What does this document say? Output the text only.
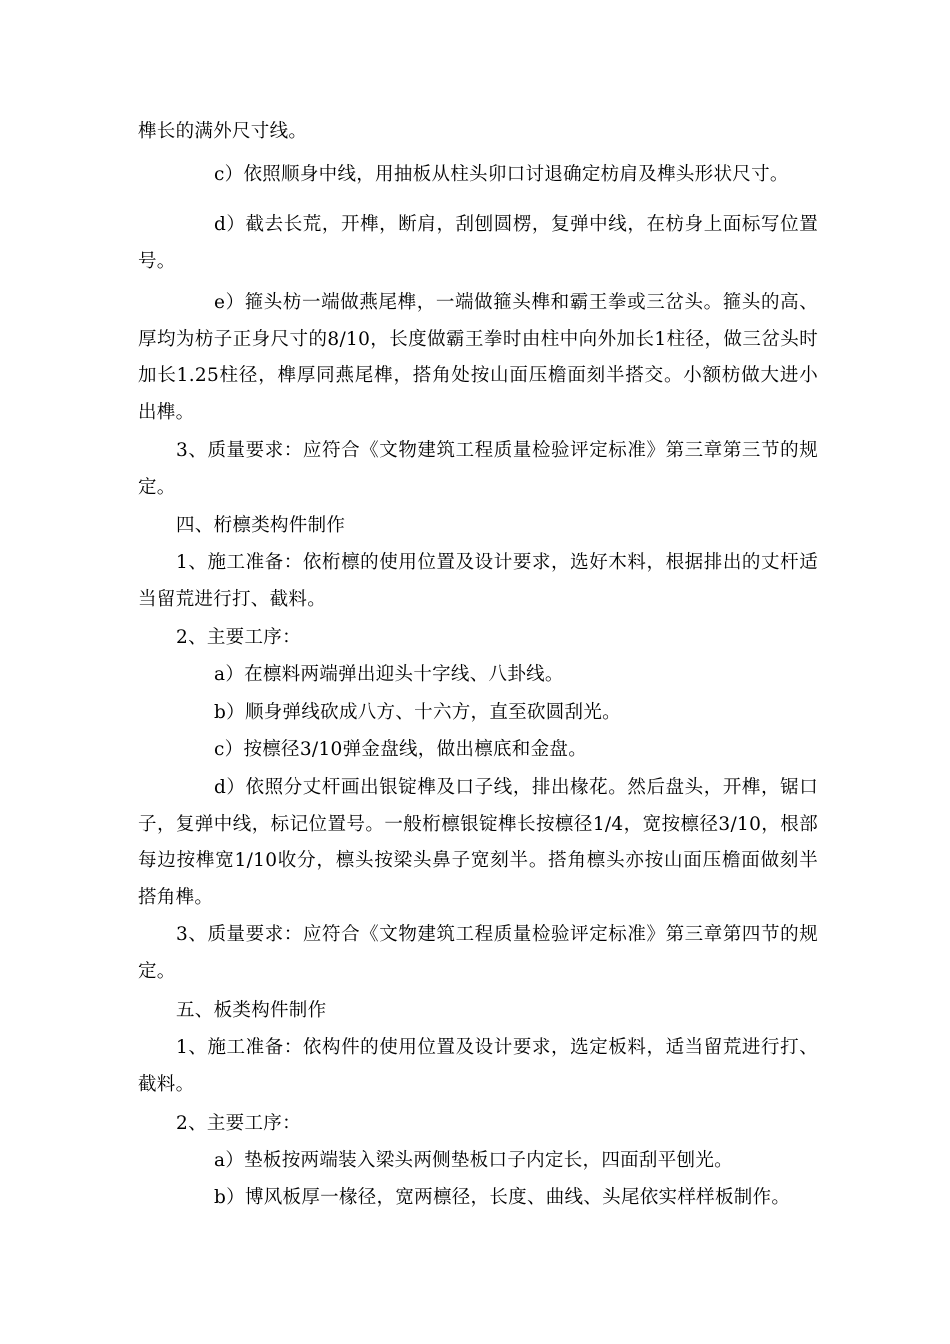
榫长的满外尺寸线。

c）依照顺身中线，用抽板从柱头卯口讨退确定枋肩及榫头形状尺寸。

d）截去长荒，开榫，断肩，刮刨圆楞，复弹中线，在枋身上面标写位置号。

e）箍头枋一端做燕尾榫，一端做箍头榫和霸王拳或三岔头。箍头的高、厚均为枋子正身尺寸的8/10，长度做霸王拳时由柱中向外加长1柱径，做三岔头时加长1.25柱径，榫厚同燕尾榫，搭角处按山面压檐面刻半搭交。小额枋做大进小出榫。

3、质量要求：应符合《文物建筑工程质量检验评定标准》第三章第三节的规定。

四、桁檩类构件制作

1、施工准备：依桁檩的使用位置及设计要求，选好木料，根据排出的丈杆适当留荒进行打、截料。

2、主要工序：

a）在檩料两端弹出迎头十字线、八卦线。

b）顺身弹线砍成八方、十六方，直至砍圆刮光。

c）按檩径3/10弹金盘线，做出檩底和金盘。

d）依照分丈杆画出银锭榫及口子线，排出椽花。然后盘头，开榫，锯口子，复弹中线，标记位置号。一般桁檩银锭榫长按檩径1/4，宽按檩径3/10，根部每边按榫宽1/10收分，檩头按梁头鼻子宽刻半。搭角檩头亦按山面压檐面做刻半搭角榫。

3、质量要求：应符合《文物建筑工程质量检验评定标准》第三章第四节的规定。

五、板类构件制作

1、施工准备：依构件的使用位置及设计要求，选定板料，适当留荒进行打、截料。

2、主要工序：

a）垫板按两端装入梁头两侧垫板口子内定长，四面刮平刨光。

b）博风板厚一椽径，宽两檩径，长度、曲线、头尾依实样样板制作。
